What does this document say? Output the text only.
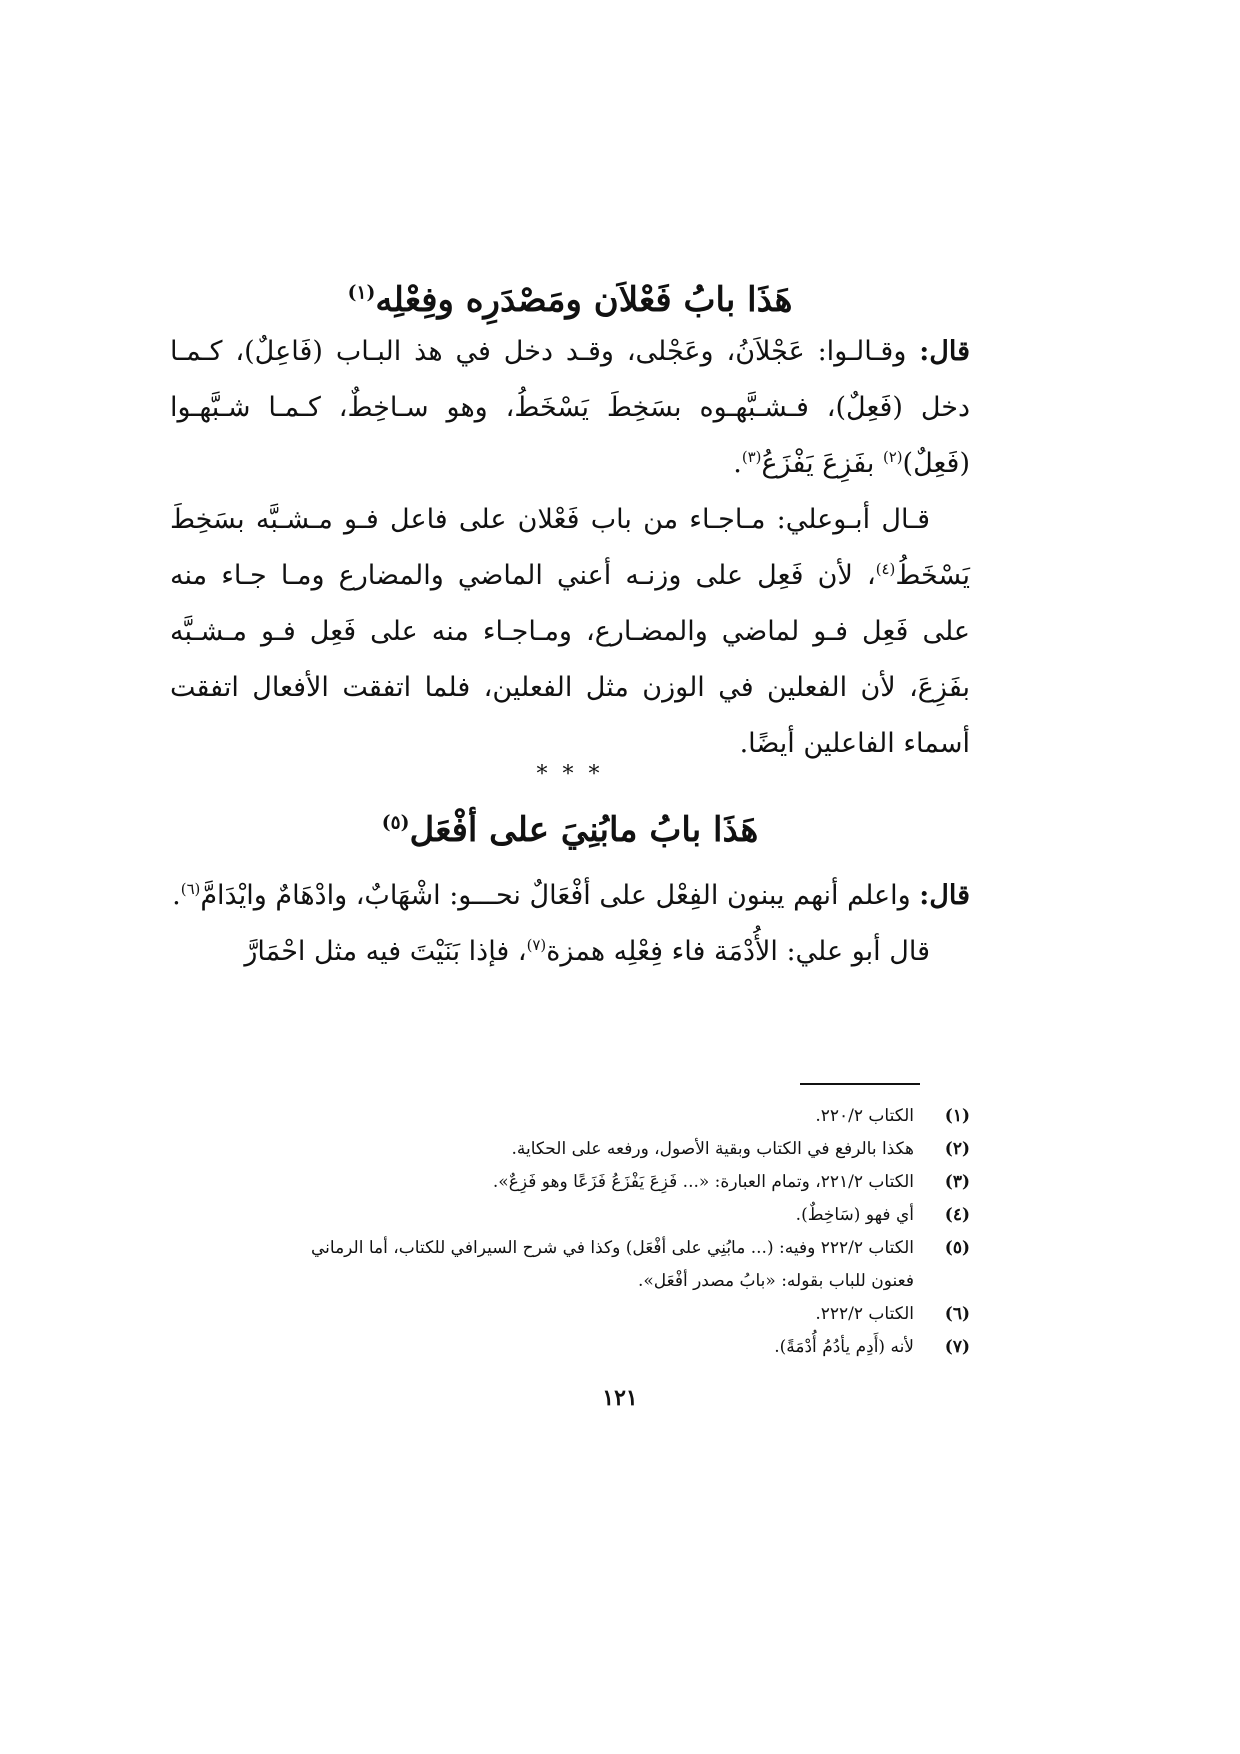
هَذَا بابُ فَعْلاَن ومَصْدَرِه وفِعْلِه$^{(١)}$

قال: وقـالـوا: عَجْلاَنُ، وعَجْلى، وقـد دخل في هذ البـاب (فَاعِلٌ)، كـمـا دخل (فَعِلٌ)، فـشـبَّهـوه بسَخِطَ يَسْخَطُ، وهو سـاخِطٌ، كـمـا شـبَّهـوا (فَعِلٌ)$^{(٢)}$ بفَزِعَ يَفْزَعُ$^{(٣)}$.

قـال أبـوعلي: مـاجـاء من باب فَعْلان على فاعل فـو مـشـبَّه بسَخِطَ يَسْخَطُ$^{(٤)}$، لأن فَعِل على وزنـه أعني الماضي والمضارع ومـا جـاء منه على فَعِل فـو لماضي والمضـارع، ومـاجـاء منه على فَعِل فـو مـشـبَّه بفَزِعَ، لأن الفعلين في الوزن مثل الفعلين، فلما اتفقت الأفعال اتفقت أسماء الفاعلين أيضًا.

* * *
هَذَا بابُ مابُنِيَ على أفْعَل$^{(٥)}$

قال: واعلم أنهم يبنون الفِعْل على أفْعَالٌ نحـــو: اشْهَابٌ، وادْهَامٌ وايْدَامَّ$^{(٦)}$.

قال أبو علي: الأُدْمَة فاء فِعْلِه همزة$^{(٧)}$، فإذا بَنَيْتَ فيه مثل احْمَارَّ

(١)
الكتاب ٢٢٠/٢.
(٢)
هكذا بالرفع في الكتاب وبقية الأصول، ورفعه على الحكاية.
(٣)
الكتاب ٢٢١/٢، وتمام العبارة: «... فَزِعَ يَفْزَعُ فَزَعًا وهو فَزِعٌ».
(٤)
أي فهو (سَاخِطٌ).
(٥)
الكتاب ٢٢٢/٢ وفيه: (... مابُنِي على أفْعَل) وكذا في شرح السيرافي للكتاب، أما الرماني فعنون للباب بقوله: «بابُ مصدر أفْعَل».
(٦)
الكتاب ٢٢٢/٢.
(٧)
لأنه (أَدِم يأدُمُ أُدْمَةً).
١٢١
